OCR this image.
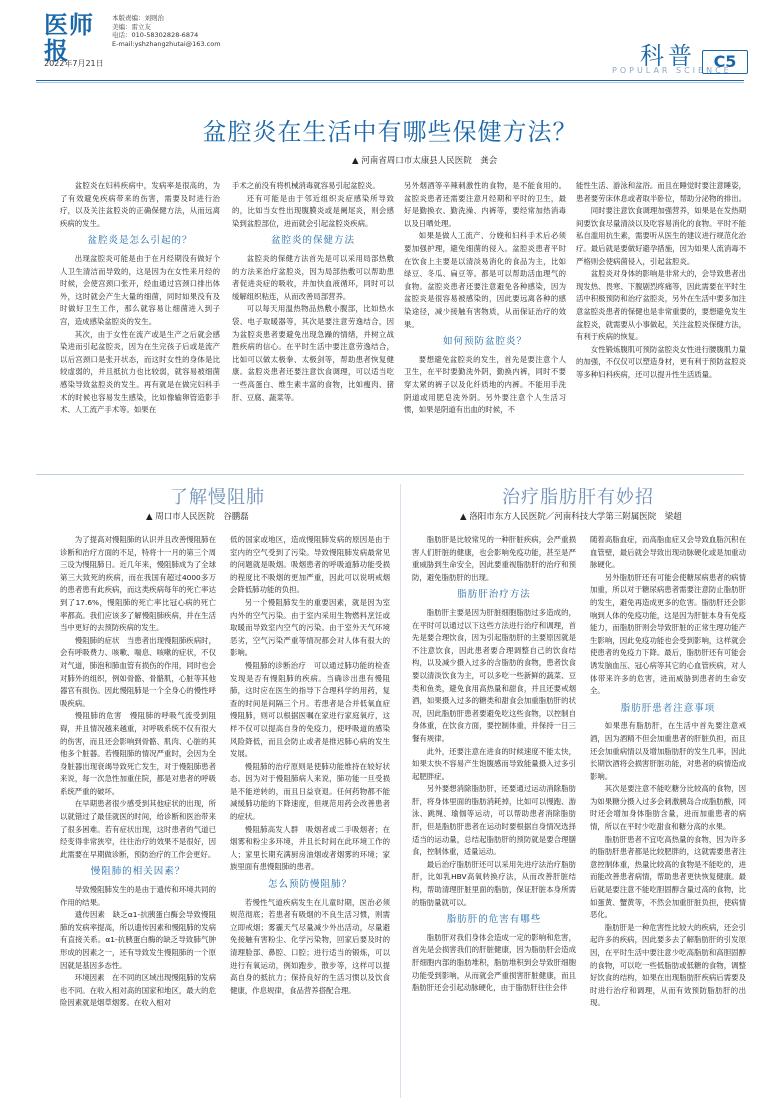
医师报
2022年7月21日
本版责编：刘则治
美编：雷立友
电话：010-58302828-6874
E-mail:yshzhangzhutai@163.com	科普
POPULAR SCIENCE
C5
盆腔炎在生活中有哪些保健方法？
▲ 河南省周口市太康县人民医院　龚会

盆腔炎在妇科疾病中，发病率是很高的，为了有效避免疾病带来的伤害，需要及时进行治疗，以及关注盆腔炎的正确保健方法，从而远离疾病的发生。

盆腔炎是怎么引起的？

出现盆腔炎可能是由于在月经期没有做好个人卫生清洁而导致的，这是因为在女性来月经的时候，会使宫颈口张开，经血通过宫颈口排出体外，这时就会产生大量的细菌，同时如果没有及时做好卫生工作，那么就容易让细菌进入到子宫，造成感染盆腔炎的发生。

其次，由于女性在流产或是生产之后就会感染进而引起盆腔炎，因为在生完孩子后或是流产以后宫颈口是张开状态，而这时女性的身体是比较虚弱的，并且抵抗力也比较弱，就容易被细菌感染导致盆腔炎的发生。再有就是在做完妇科手术的时候也容易发生感染，比如像输卵管造影手术、人工流产手术等。如果在

手术之前没有将机械消毒就容易引起盆腔炎。

还有可能是由于邻近组织炎症感染所导致的，比如当女性出现腹膜炎或是阑尾炎，则会感染到盆腔部位，进而就会引起盆腔炎疾病。

盆腔炎的保健方法

盆腔炎的保健方法首先是可以采用局部热敷的方法来治疗盆腔炎，因为局部热敷可以帮助患者促进炎症的吸收，并加快血液循环，同时可以缓解组织粘连，从而改善局部营养。

可以每天用温热物品热敷小腹部，比如热水袋、电子取暖器等，其次是要注意劳逸结合，因为盆腔炎患者要避免出现急躁的情绪，并树立战胜疾病的信心。在平时生活中要注意劳逸结合，比如可以做太极拳、太极剑等，帮助患者恢复健康。盆腔炎患者还要注意饮食调理，可以适当吃一些高蛋白、维生素丰富的食物，比如瘦肉、猪肝、豆腐、蔬菜等。

另外烟酒等辛辣刺激性的食物，是不能食用的。盆腔炎患者还需要注意月经期和平时的卫生，最好是勤换衣、勤洗澡、内裤等，要经常加热消毒以及日晒处理。

如果是做人工流产、分娩和妇科手术后必须要加强护理，避免细菌的侵入。盆腔炎患者平时在饮食上主要是以清淡易消化的食品为主，比如绿豆、冬瓜、扁豆等。都是可以帮助活血理气的食物。盆腔炎患者还要注意避免各种感染，因为盆腔炎是很容易被感染的，因此要远离各种的感染途径，减少接触有害物质，从而保证治疗的效果。

如何预防盆腔炎？

要想避免盆腔炎的发生，首先是要注意个人卫生，在平时要勤洗外阴，勤换内裤，同时不要穿太紧的裤子以及化纤质地的内裤。不能用手洗阴道或用肥皂洗外阴。另外要注意个人生活习惯，如果是阴道有出血的时候，不

能性生活、游泳和盆浴。而且在睡觉时要注意睡姿，患者要劳床休息或者取半卧位，帮助分泌物的排出。

同时要注意饮食调理加强营养，如果是在发热期间要饮食尽量清淡以及吃容易消化的食物。平时不能私自滥用抗生素，需要听从医生的建议进行规范化治疗。最后就是要做好避孕措施，因为如果人流消毒不严格则会使病菌侵入，引起盆腔炎。

盆腔炎对身体的影响是非常大的，会导致患者出现发热、畏寒、下腹剧烈疼痛等，因此需要在平时生活中积极预防和治疗盆腔炎，另外在生活中要多加注意盆腔炎患者的保健也是非常重要的，要想避免发生盆腔炎，就需要从小事做起，关注盆腔炎保健方法，有利于疾病的恢复。

女性锻炼腹肌可预防盆腔炎女性进行腰腹肌力量的加强，不仅仅可以塑造身材，更有利于预防盆腔炎等多种妇科疾病，还可以提升性生活质量。

了解慢阻肺
▲ 周口市人民医院　谷鹏磊

为了提高对慢阻肺的认识并且改善慢阻肺在诊断和治疗方面的不足，特将十一月的第三个周三设为慢阻肺日。近几年来，慢阻肺成为了全球第三大致死的疾病，而在我国有超过4000多万的患者患有此疾病，而这类疾病每年的死亡率达到了17.6%，慢阻肺的死亡率比冠心病的死亡率都高。我们应该多了解慢阻肺疾病，并在生活当中更好的去预防疾病的发生。

慢阻肺的症状　当患者出现慢阻肺疾病时，会有呼吸费力、咳嗽、喘息、咳嗽的症状，不仅对气道，肺泡和肺血管有损伤的作用，同时也会对肺外的组织，例如骨骼、骨骼肌，心脏等其他器官有损伤。因此慢阻肺是一个全身心的慢性呼吸疾病。

慢阻肺的危害　慢阻肺的呼吸气流受到阻碍，并且情况越来越重，对呼吸系统不仅有很大的伤害，而且还会影响到骨骼、肌肉、心脏的其他多个脏器。若慢阻肺的情况严重时，会因为全身脏器出现衰竭导致死亡发生，对于慢阻肺患者来说，每一次急性加重住院，都是对患者的呼吸系统严重的破坏。

在早期患者很少感受到其他症状的出现，所以就错过了最佳就医的时间，给诊断和医治带来了很多困难。若有症状出现，这时患者的气道已经变得非常狭窄，往往治疗的效果不是很好，因此需要在早期做诊断，预防治疗的工作会更好。

慢阻肺的相关因素？

导致慢阻肺发生的是由于遗传和环境共同的作用的结果。

遗传因素　缺乏α1-抗胰蛋白酶会导致慢阻肺的发病率提高，所以遗传因素和慢阻肺的发病有直接关系。α1-抗胰蛋白酶的缺乏导致肺气肿形成的因素之一，还有导致发生慢阻肺的一个原因就是基因多态性。

环境因素　在不同的区域出现慢阻肺的发病也不同。在收入相对高的国家和地区，最大的危险因素就是烟草烟雾。在收入相对

低的国家或地区，造成慢阻肺发病的原因是由于室内的空气受到了污染。导致慢阻肺发病最常见的问题就是吸烟。吸烟患者的呼吸道肺功能受损的程度比不吸烟的更加严重，因此可以说明戒烟会降低肺功能的负担。

另一个慢阻肺发生的重要因素，就是因为室内外的空气污染。由于室内采用生物燃料烹饪或取暖而导致室内空气的污染。由于室外天气环境恶劣，空气污染严重等情况都会对人体有很大的影响。

慢阻肺的诊断治疗　可以通过肺功能的检查发现是否有慢阻肺的疾病。当确诊出患有慢阻肺，这时应在医生的指导下合理科学的用药，复查的时间是间隔三个月。若患者是合并低氧血症慢阻肺，则可以根据医嘱在家进行家庭氧疗，这样不仅可以提高自身的免疫力，使呼吸道的感染风险降低，而且会防止或者是推迟肺心病的发生发展。

慢阻肺的治疗原则是使肺功能维持在较好状态。因为对于慢阻肺病人来说，肺功能一旦受损是不能逆转的，而且日益衰退。任何药物都不能减缓肺功能的下降速度，但规范用药会改善患者的症状。

慢阻肺高发人群　吸烟者或二手吸烟者；在烟雾和粉尘多环境，并且长时间在此环境工作的人；家里长期充满厨房油烟或者烟雾的环境；家族里面有患慢阻肺的患者。

怎么预防慢阻肺？

若慢性气道疾病发生在儿童时期，医治必须规范彻底；若患者有吸烟的不良生活习惯，则需立即戒烟；雾霾天气尽量减少外出活动，尽量避免接触有害粉尘、化学污染物，回家后要及时的清理脸部、鼻腔、口腔；进行适当的锻炼，可以进行有氧运动，例如跑步，散步等，这样可以提高自身的抵抗力；保持良好的生活习惯以及饮食健康，作息规律，食品营养搭配合理。

治疗脂肪肝有妙招
▲ 洛阳市东方人民医院／河南科技大学第三附属医院　梁超

脂肪肝是比较常见的一种肝脏疾病，会严重损害人们肝脏的健康，也会影响免疫功能，甚至是严重威胁到生命安全，因此要重视脂肪肝的治疗和预防，避免脂肪肝的出现。

脂肪肝治疗方法

脂肪肝主要是因为肝脏细胞脂肪过多造成的，在平时可以通过以下这些方法进行治疗和调理，首先是要合理饮食，因为引起脂肪肝的主要原因就是不注意饮食，因此患者要合理调整自己的饮食结构，以及减少摄入过多的含脂肪的食物，患者饮食要以清淡饮食为主，可以多吃一些新鲜的蔬菜、豆类和鱼类，避免食用高热量和甜食，并且还要戒烟酒，如果摄入过多的糖类和甜食会加重脂肪肝的状况，因此脂肪肝患者要避免吃这些食物，以控制自身体重，在饮食方面，要控制体重，并保持一日三餐有规律。

此外，还要注意在进食的时候速度不能太快，如果太快不容易产生饱腹感而导致能量摄入过多引起肥胖症。

另外要想消除脂肪肝，还要通过运动消除脂肪肝，将身体里面的脂肪消耗掉，比如可以慢跑、游泳、跳绳、瑜伽等运动，可以帮助患者消除脂肪肝，但是脂肪肝患者在运动时要根据自身情况选择适当的运动量，总结起脂肪肝的预防就是要合理膳食，控制体重，适量运动。

最后治疗脂肪肝还可以采用先进疗法治疗脂肪肝，比如乳HBV高氧转换疗法，从而改善肝脏结构，帮助清理肝脏里面的脂肪，保证肝脏本身所需的脂肪量就可以。

脂肪肝的危害有哪些

脂肪肝对我们身体会造成一定的影响和危害，首先是会损害我们的肝脏健康，因为脂肪肝会造成肝细胞内部的脂肪堆积，脂肪堆积到会导致肝细胞功能受到影响，从而就会严重损害肝脏健康，而且脂肪肝还会引起动脉硬化，由于脂肪肝往往会伴

随着高脂血症，而高脂血症又会导致血脂沉积在血管壁，最后就会导致出现动脉硬化或是加重动脉硬化。

另外脂肪肝还有可能会使糖尿病患者的病情加重，所以对于糖尿病患者需要注意防止脂肪肝的发生，避免再造成更多的危害。脂肪肝还会影响到人体的免疫功能，这是因为肝脏本身有免疫能力，而脂肪肝则会导致肝脏的正常生理功能产生影响，因此免疫功能也会受到影响，这样就会使患者的免疫力下降。最后，脂肪肝还有可能会诱发脑血压、冠心病等其它的心血管疾病，对人体带来许多的危害，进而威胁到患者的生命安全。

脂肪肝患者注意事项

如果患有脂肪肝，在生活中首先要注意戒酒，因为酒精不但会加重患者的肝脏负担，而且还会加重病情以及增加脂肪肝的发生几率，因此长期饮酒将会损害肝脏功能，对患者的病情造成影响。

其次是要注意不能吃糖分比较高的食物，因为如果糖分摄入过多会刺激胰岛合成脂肪酸，同时还会增加身体脂肪含量，进而加重患者的病情，所以在平时少吃甜食和糖分高的水果。

脂肪肝患者不宜吃高热量的食物，因为许多的脂肪肝患者都是比较肥胖的，这就需要患者注意控制体重，热量比较高的食物是不能吃的，进而能改善患者病情，帮助患者更快恢复健康。最后就是要注意不能吃胆固醇含量过高的食物，比如蛋黄、蟹黄等，不然会加重肝脏负担，使病情恶化。

脂肪肝是一种危害性比较大的疾病，还会引起许多的疾病，因此要多去了解脂肪肝的引发原因，在平时生活中要注意少吃高脂肪和高胆固醇的食物，可以吃一些低脂肪或低糖的食物，调整好饮食的结构，如果在出现脂肪肝疾病后需要及时进行治疗和调理，从而有效预防脂肪肝的出现。
